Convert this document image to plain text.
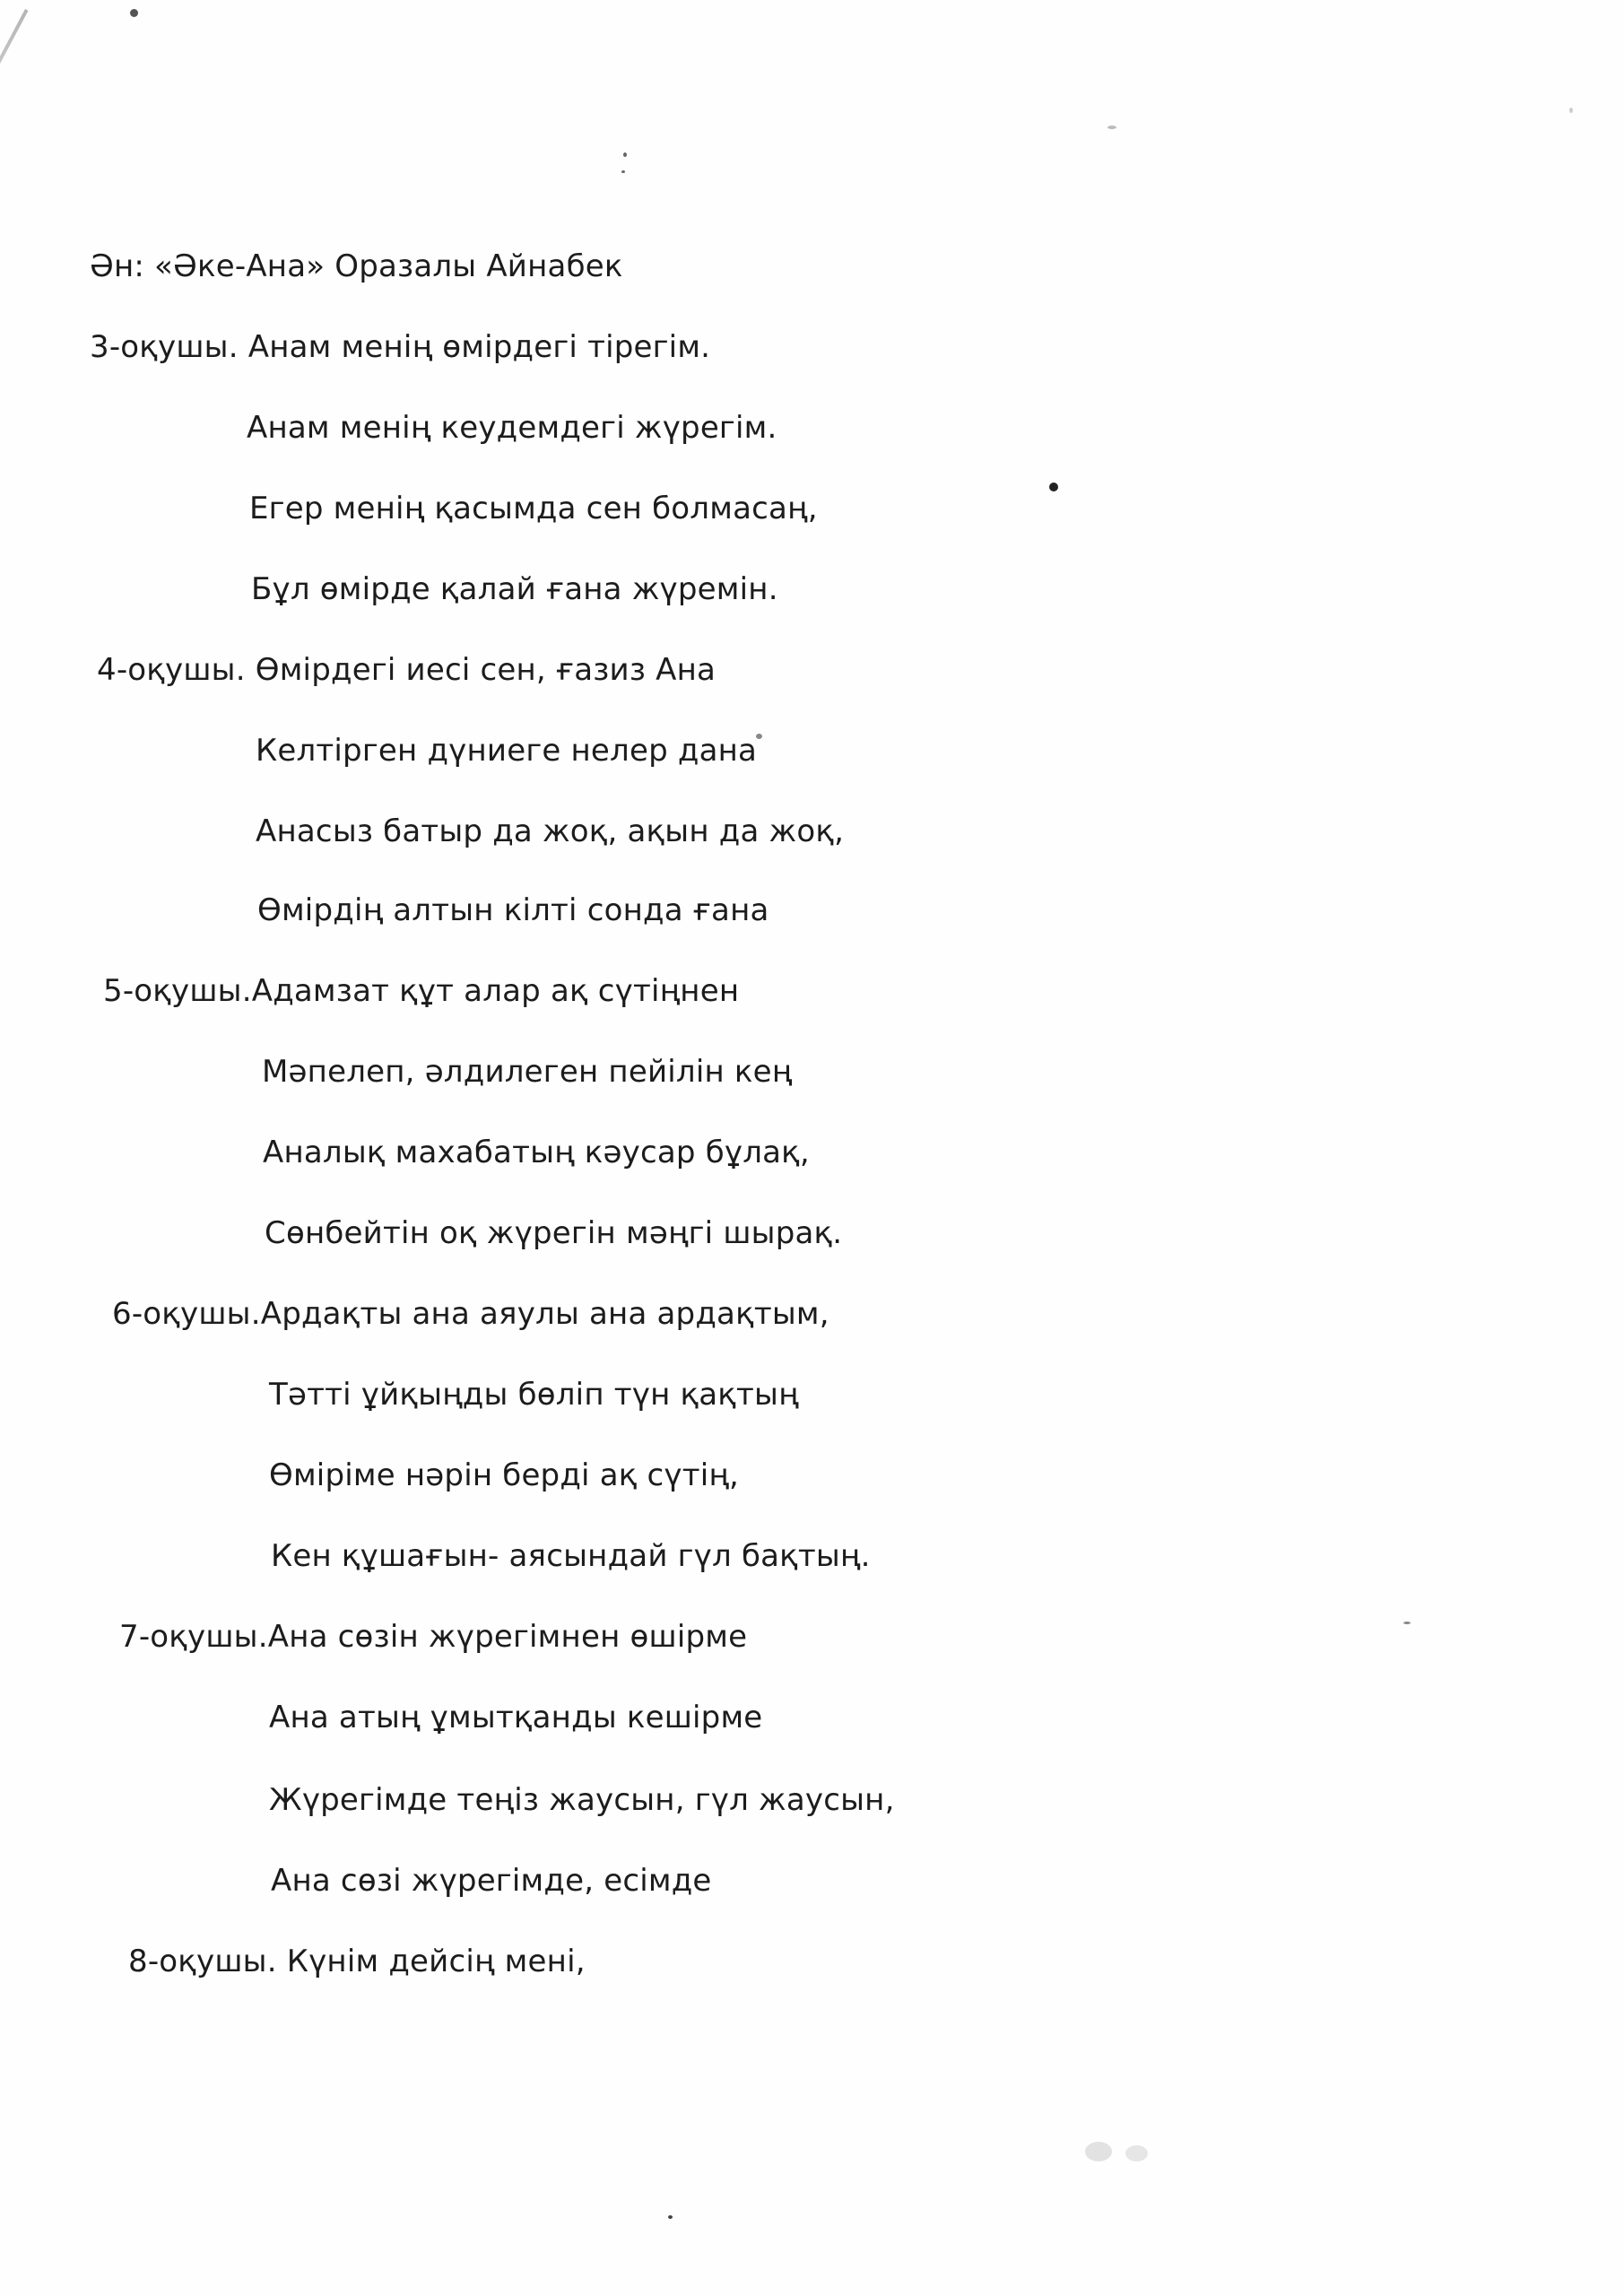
Ән: «Әке-Ана» Оразалы Айнабек
3-оқушы. Анам менің өмірдегі тірегім.
Анам менің кеудемдегі жүрегім.
Егер менің қасымда сен болмасаң,
Бұл өмірде қалай ғана жүремін.
4-оқушы. Өмірдегі иесі сен, ғазиз Ана
Келтірген дүниеге нелер дана
Анасыз батыр да жоқ, ақын да жоқ,
Өмірдің алтын кілті сонда ғана
5-оқушы.Адамзат құт алар ақ сүтіңнен
Мәпелеп, әлдилеген пейілін кең
Аналық махабатың кәусар бұлақ,
Сөнбейтін оқ жүрегін мәңгі шырақ.
6-оқушы.Ардақты ана аяулы ана ардақтым,
Тәтті ұйқыңды бөліп түн қақтың
Өміріме нәрін берді ақ сүтің,
Кен құшағын- аясындай гүл бақтың.
7-оқушы.Ана сөзін жүрегімнен өшірме
Ана атың ұмытқанды кешірме
Жүрегімде теңіз жаусын, гүл жаусын,
Ана сөзі жүрегімде, есімде
8-оқушы. Күнім дейсің мені,
